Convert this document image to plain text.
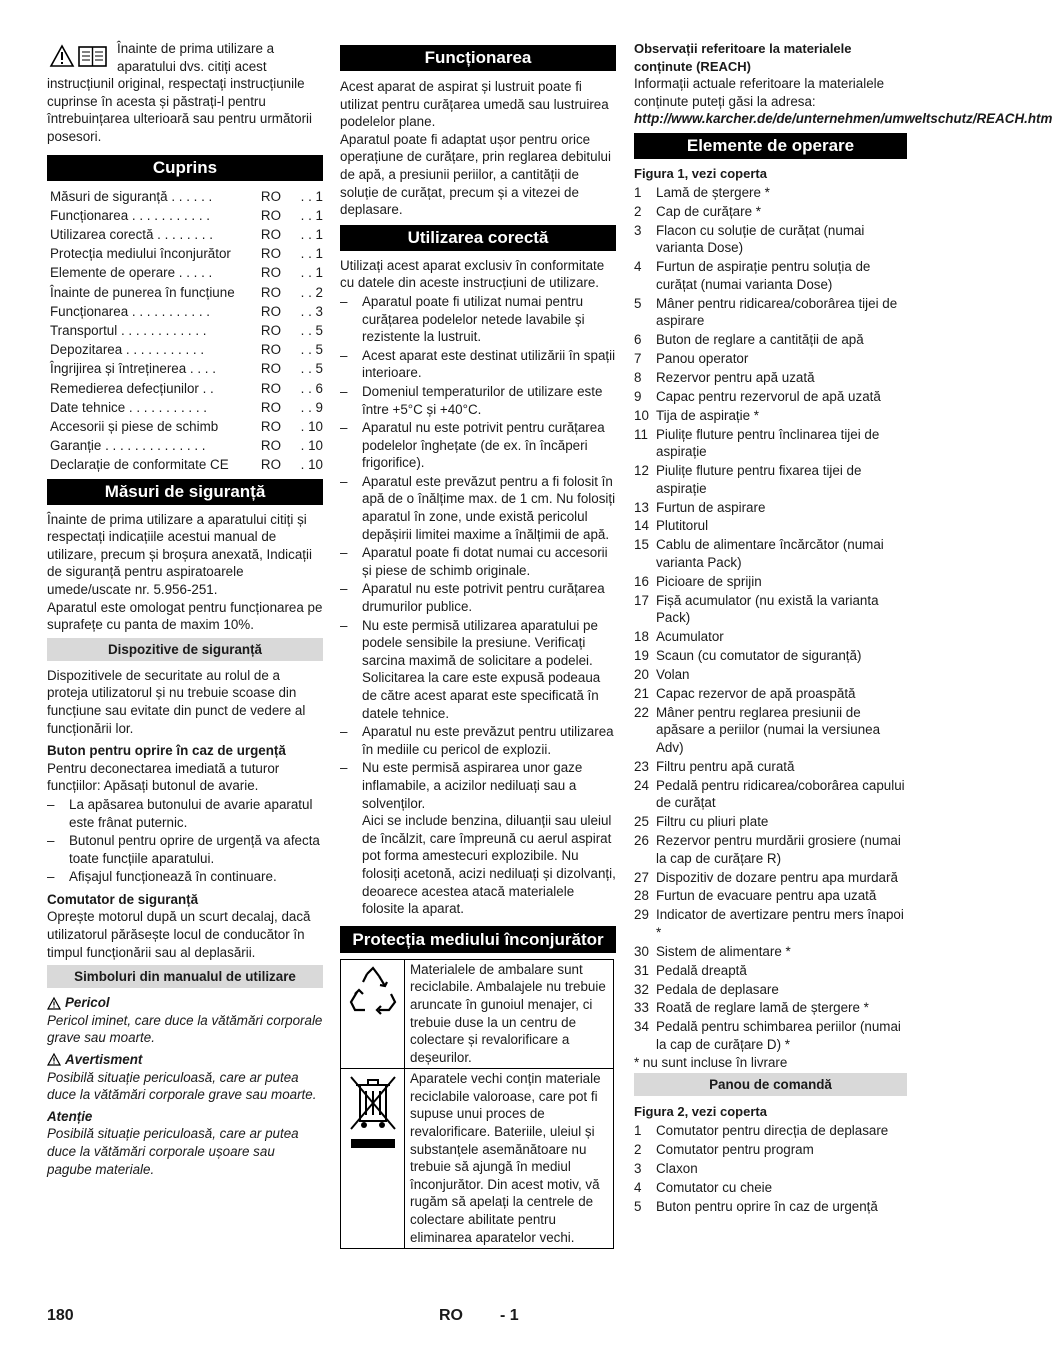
Înainte de prima utilizare a aparatului dvs. citiți acest instrucțiunil original, respectați instrucțiunile cuprinse în acesta și păstrați-l pentru întrebuințarea ulterioară sau pentru următorii posesori.

Cuprins
Măsuri de siguranță . . . . . .	RO	. . 1
Funcționarea . . . . . . . . . . .	RO	. . 1
Utilizarea corectă . . . . . . . .	RO	. . 1
Protecția mediului înconjurător	RO	. . 1
Elemente de operare . . . . .	RO	. . 1
Înainte de punerea în funcțiune	RO	. . 2
Funcționarea . . . . . . . . . . .	RO	. . 3
Transportul . . . . . . . . . . . .	RO	. . 5
Depozitarea . . . . . . . . . . .	RO	. . 5
Îngrijirea și întreținerea . . . .	RO	. . 5
Remedierea defecțiunilor . .	RO	. . 6
Date tehnice . . . . . . . . . . .	RO	. . 9
Accesorii și piese de schimb	RO	. 10
Garanție . . . . . . . . . . . . . .	RO	. 10
Declarație de conformitate CE	RO	. 10
Măsuri de siguranță

Înainte de prima utilizare a aparatului citiți și respectați indicațiile acestui manual de utilizare, precum și broșura anexată, Indicații de siguranță pentru aspiratoarele umede/uscate nr. 5.956-251.

Aparatul este omologat pentru funcționarea pe suprafețe cu panta de maxim 10%.

Dispozitive de siguranță

Dispozitivele de securitate au rolul de a proteja utilizatorul și nu trebuie scoase din funcțiune sau evitate din punct de vedere al funcționării lor.

Buton pentru oprire în caz de urgență

Pentru deconectarea imediată a tuturor funcțiilor: Apăsați butonul de avarie.

– La apăsarea butonului de avarie aparatul este frânat puternic.
– Butonul pentru oprire de urgență va afecta toate funcțiile aparatului.
– Afișajul funcționează în continuare.

Comutator de siguranță

Oprește motorul după un scurt decalaj, dacă utilizatorul părăsește locul de conducător în timpul funcționării sau al deplasării.

Simboluri din manualul de utilizare
Pericol

Pericol iminet, care duce la vătămări corporale grave sau moarte.

Avertisment

Posibilă situație periculoasă, care ar putea duce la vătămări corporale grave sau moarte.

Atenție

Posibilă situație periculoasă, care ar putea duce la vătămări corporale ușoare sau pagube materiale.

Funcționarea

Acest aparat de aspirat și lustruit poate fi utilizat pentru curățarea umedă sau lustruirea podelelor plane.

Aparatul poate fi adaptat ușor pentru orice operațiune de curățare, prin reglarea debitului de apă, a presiunii periilor, a cantității de soluție de curățat, precum și a vitezei de deplasare.

Utilizarea corectă

Utilizați acest aparat exclusiv în conformitate cu datele din aceste instrucțiuni de utilizare.

– Aparatul poate fi utilizat numai pentru curățarea podelelor netede lavabile și rezistente la lustruit.
– Acest aparat este destinat utilizării în spații interioare.
– Domeniul temperaturilor de utilizare este între +5°C și +40°C.
– Aparatul nu este potrivit pentru curățarea podelelor înghețate (de ex. în încăperi frigorifice).
– Aparatul este prevăzut pentru a fi folosit în apă de o înălțime max. de 1 cm. Nu folosiți aparatul în zone, unde există pericolul depășirii limitei maxime a înălțimii de apă.
– Aparatul poate fi dotat numai cu accesorii și piese de schimb originale.
– Aparatul nu este potrivit pentru curățarea drumurilor publice.
– Nu este permisă utilizarea aparatului pe podele sensibile la presiune. Verificați sarcina maximă de solicitare a podelei. Solicitarea la care este expusă podeaua de către acest aparat este specificată în datele tehnice.
– Aparatul nu este prevăzut pentru utilizarea în mediile cu pericol de explozii.
– Nu este permisă aspirarea unor gaze inflamabile, a acizilor nediluați sau a solvenților.

Aici se include benzina, diluanții sau uleiul de încălzit, care împreună cu aerul aspirat pot forma amestecuri explozibile. Nu folosiți acetonă, acizi nediluați și dizolvanți, deoarece acestea atacă materialele folosite la aparat.

Protecția mediului înconjurător
	Materialele de ambalare sunt reciclabile. Ambalajele nu trebuie aruncate în gunoiul menajer, ci trebuie duse la un centru de colectare și revalorificare a deșeurilor.
	Aparatele vechi conțin materiale reciclabile valoroase, care pot fi supuse unui proces de revalorificare. Bateriile, uleiul și substanțele asemănătoare nu trebuie să ajungă în mediul înconjurător. Din acest motiv, vă rugăm să apelați la centrele de colectare abilitate pentru eliminarea aparatelor vechi.

Observații referitoare la materialele conținute (REACH)

Informații actuale referitoare la materialele conținute puteți găsi la adresa:

http://www.karcher.de/de/unternehmen/umweltschutz/REACH.htm
Elemente de operare

Figura 1, vezi coperta

1	Lamă de ștergere *
2	Cap de curățare *
3	Flacon cu soluție de curățat (numai varianta Dose)
4	Furtun de aspirație pentru soluția de curățat (numai varianta Dose)
5	Mâner pentru ridicarea/coborârea tijei de aspirare
6	Buton de reglare a cantității de apă
7	Panou operator
8	Rezervor pentru apă uzată
9	Capac pentru rezervorul de apă uzată
10 Tija de aspirație *
11 Piulițe fluture pentru înclinarea tijei de aspirație
12 Piulițe fluture pentru fixarea tijei de aspirație
13 Furtun de aspirare
14 Plutitorul
15 Cablu de alimentare încărcător (numai varianta Pack)
16 Picioare de sprijin
17 Fișă acumulator (nu există la varianta Pack)
18 Acumulator
19 Scaun (cu comutator de siguranță)
20 Volan
21 Capac rezervor de apă proaspătă
22 Mâner pentru reglarea presiunii de apăsare a periilor (numai la versiunea Adv)
23 Filtru pentru apă curată
24 Pedală pentru ridicarea/coborârea capului de curățat
25 Filtru cu pliuri plate
26 Rezervor pentru murdării grosiere (numai la cap de curățare R)
27 Dispozitiv de dozare pentru apa murdară
28 Furtun de evacuare pentru apa uzată
29 Indicator de avertizare pentru mers înapoi *
30 Sistem de alimentare *
31 Pedală dreaptă
32 Pedala de deplasare
33 Roată de reglare lamă de ștergere *
34 Pedală pentru schimbarea periilor (numai la cap de curățare D) *

* nu sunt incluse în livrare

Panou de comandă

Figura 2, vezi coperta

1	Comutator pentru direcția de deplasare
2	Comutator pentru program
3	Claxon
4	Comutator cu cheie
5	Buton pentru oprire în caz de urgență
180	RO - 1
